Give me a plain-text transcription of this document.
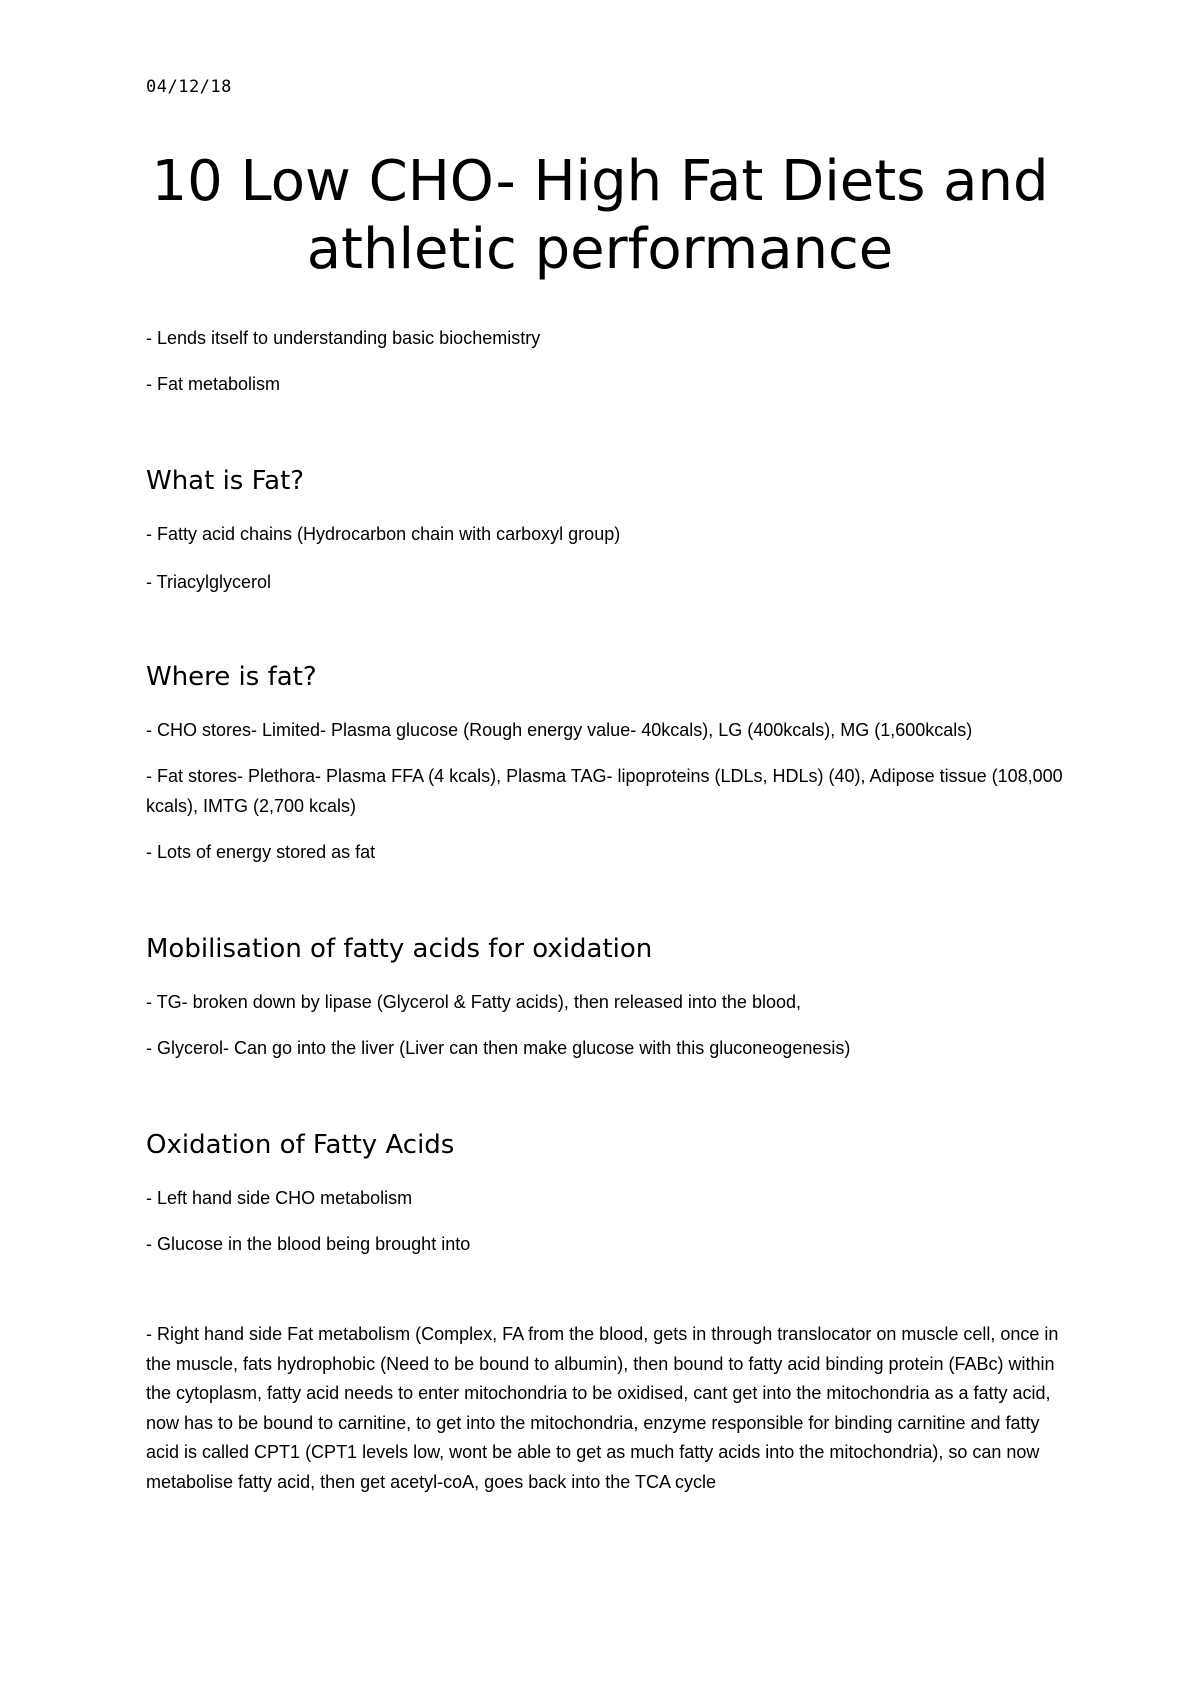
04/12/18
10 Low CHO- High Fat Diets and
athletic performance

- Lends itself to understanding basic biochemistry

- Fat metabolism

What is Fat?

- Fatty acid chains (Hydrocarbon chain with carboxyl group)

- Triacylglycerol

Where is fat?

- CHO stores- Limited- Plasma glucose (Rough energy value- 40kcals), LG (400kcals), MG (1,600kcals)

- Fat stores- Plethora- Plasma FFA (4 kcals), Plasma TAG- lipoproteins (LDLs, HDLs) (40), Adipose tissue (108,000 kcals), IMTG (2,700 kcals)

- Lots of energy stored as fat

Mobilisation of fatty acids for oxidation

- TG- broken down by lipase (Glycerol & Fatty acids), then released into the blood,

- Glycerol- Can go into the liver (Liver can then make glucose with this gluconeogenesis)

Oxidation of Fatty Acids

- Left hand side CHO metabolism

- Glucose in the blood being brought into

- Right hand side Fat metabolism (Complex, FA from the blood, gets in through translocator on muscle cell, once in the muscle, fats hydrophobic (Need to be bound to albumin), then bound to fatty acid binding protein (FABc) within the cytoplasm, fatty acid needs to enter mitochondria to be oxidised, cant get into the mitochondria as a fatty acid, now has to be bound to carnitine, to get into the mitochondria, enzyme responsible for binding carnitine and fatty acid is called CPT1 (CPT1 levels low, wont be able to get as much fatty acids into the mitochondria), so can now metabolise fatty acid, then get acetyl-coA, goes back into the TCA cycle
